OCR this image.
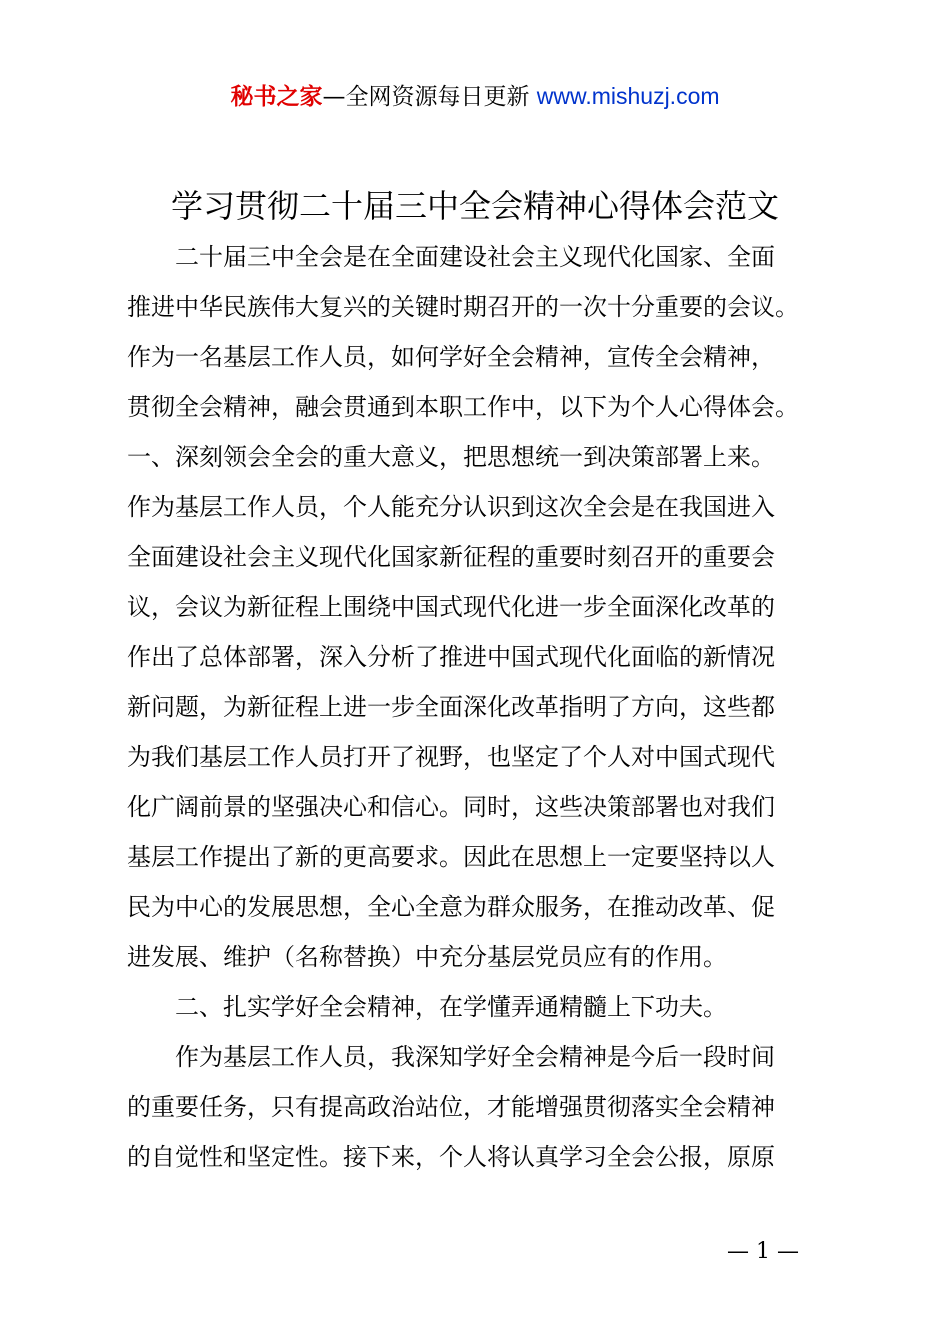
秘书之家—全网资源每日更新 www.mishuzj.com
学习贯彻二十届三中全会精神心得体会范文
二十届三中全会是在全面建设社会主义现代化国家、全面
推进中华民族伟大复兴的关键时期召开的一次十分重要的会议。
作为一名基层工作人员，如何学好全会精神，宣传全会精神，
贯彻全会精神，融会贯通到本职工作中，以下为个人心得体会。
一、深刻领会全会的重大意义，把思想统一到决策部署上来。
作为基层工作人员，个人能充分认识到这次全会是在我国进入
全面建设社会主义现代化国家新征程的重要时刻召开的重要会
议，会议为新征程上围绕中国式现代化进一步全面深化改革的
作出了总体部署，深入分析了推进中国式现代化面临的新情况
新问题，为新征程上进一步全面深化改革指明了方向，这些都
为我们基层工作人员打开了视野，也坚定了个人对中国式现代
化广阔前景的坚强决心和信心。同时，这些决策部署也对我们
基层工作提出了新的更高要求。因此在思想上一定要坚持以人
民为中心的发展思想，全心全意为群众服务，在推动改革、促
进发展、维护（名称替换）中充分基层党员应有的作用。
二、扎实学好全会精神，在学懂弄通精髓上下功夫。
作为基层工作人员，我深知学好全会精神是今后一段时间
的重要任务，只有提高政治站位，才能增强贯彻落实全会精神
的自觉性和坚定性。接下来，个人将认真学习全会公报，原原
— 1 —
